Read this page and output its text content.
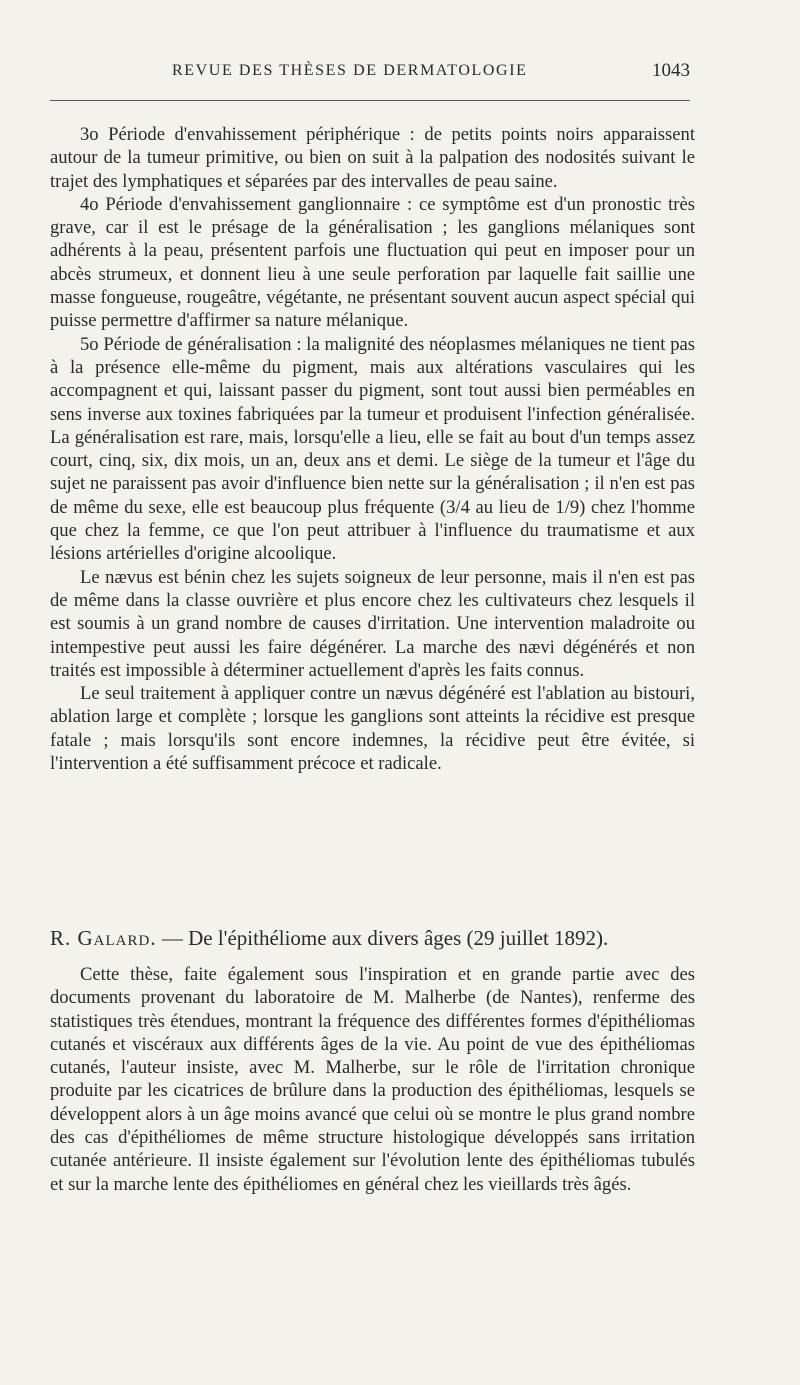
REVUE DES THÈSES DE DERMATOLOGIE	1043

3o Période d'envahissement périphérique : de petits points noirs apparaissent autour de la tumeur primitive, ou bien on suit à la palpation des nodosités suivant le trajet des lymphatiques et séparées par des intervalles de peau saine.

4o Période d'envahissement ganglionnaire : ce symptôme est d'un pronostic très grave, car il est le présage de la généralisation ; les ganglions mélaniques sont adhérents à la peau, présentent parfois une fluctuation qui peut en imposer pour un abcès strumeux, et donnent lieu à une seule perforation par laquelle fait saillie une masse fongueuse, rougeâtre, végétante, ne présentant souvent aucun aspect spécial qui puisse permettre d'affirmer sa nature mélanique.

5o Période de généralisation : la malignité des néoplasmes mélaniques ne tient pas à la présence elle-même du pigment, mais aux altérations vasculaires qui les accompagnent et qui, laissant passer du pigment, sont tout aussi bien perméables en sens inverse aux toxines fabriquées par la tumeur et produisent l'infection généralisée. La généralisation est rare, mais, lorsqu'elle a lieu, elle se fait au bout d'un temps assez court, cinq, six, dix mois, un an, deux ans et demi. Le siège de la tumeur et l'âge du sujet ne paraissent pas avoir d'influence bien nette sur la généralisation ; il n'en est pas de même du sexe, elle est beaucoup plus fréquente (3/4 au lieu de 1/9) chez l'homme que chez la femme, ce que l'on peut attribuer à l'influence du traumatisme et aux lésions artérielles d'origine alcoolique.

Le nævus est bénin chez les sujets soigneux de leur personne, mais il n'en est pas de même dans la classe ouvrière et plus encore chez les cultivateurs chez lesquels il est soumis à un grand nombre de causes d'irritation. Une intervention maladroite ou intempestive peut aussi les faire dégénérer. La marche des nævi dégénérés et non traités est impossible à déterminer actuellement d'après les faits connus.

Le seul traitement à appliquer contre un nævus dégénéré est l'ablation au bistouri, ablation large et complète ; lorsque les ganglions sont atteints la récidive est presque fatale ; mais lorsqu'ils sont encore indemnes, la récidive peut être évitée, si l'intervention a été suffisamment précoce et radicale.

R. Galard. — De l'épithéliome aux divers âges (29 juillet 1892).

Cette thèse, faite également sous l'inspiration et en grande partie avec des documents provenant du laboratoire de M. Malherbe (de Nantes), renferme des statistiques très étendues, montrant la fréquence des différentes formes d'épithéliomas cutanés et viscéraux aux différents âges de la vie. Au point de vue des épithéliomas cutanés, l'auteur insiste, avec M. Malherbe, sur le rôle de l'irritation chronique produite par les cicatrices de brûlure dans la production des épithéliomas, lesquels se développent alors à un âge moins avancé que celui où se montre le plus grand nombre des cas d'épithéliomes de même structure histologique développés sans irritation cutanée antérieure. Il insiste également sur l'évolution lente des épithéliomas tubulés et sur la marche lente des épithéliomes en général chez les vieillards très âgés.
